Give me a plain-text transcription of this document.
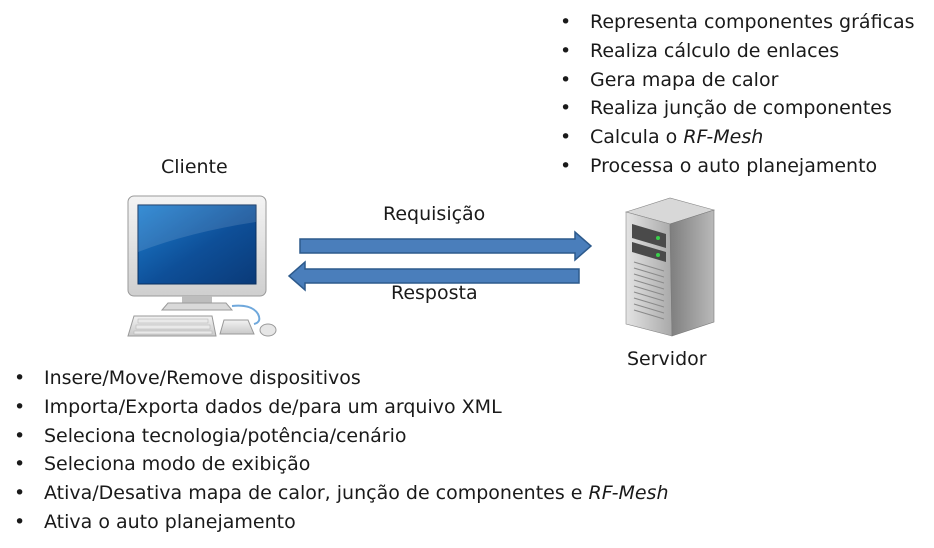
• Representa componentes gráficas
• Realiza cálculo de enlaces
• Gera mapa de calor
• Realiza junção de componentes
• Calcula o RF-Mesh
• Processa o auto planejamento
Cliente
Requisição
Resposta
Servidor
• Insere/Move/Remove dispositivos
• Importa/Exporta dados de/para um arquivo XML
• Seleciona tecnologia/potência/cenário
• Seleciona modo de exibição
• Ativa/Desativa mapa de calor, junção de componentes e RF-Mesh
• Ativa o auto planejamento
